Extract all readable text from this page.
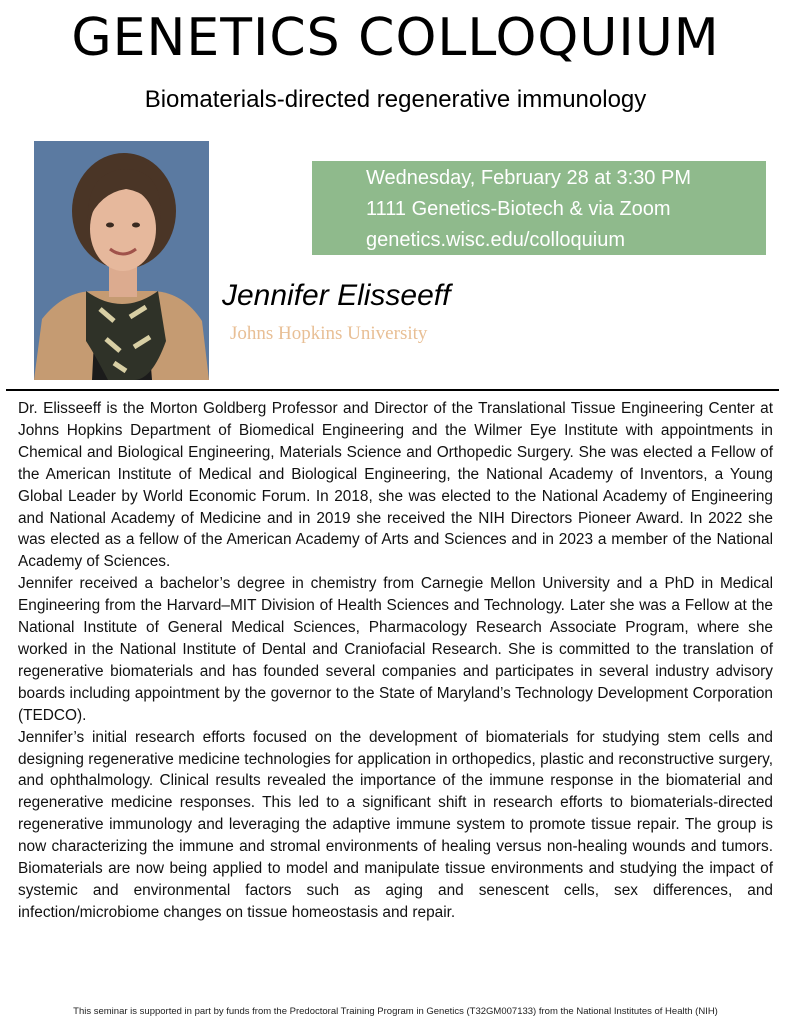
GENETICS COLLOQUIUM
Biomaterials-directed regenerative immunology
Wednesday, February 28 at 3:30 PM
1111 Genetics-Biotech & via Zoom
genetics.wisc.edu/colloquium
Jennifer Elisseeff
Johns Hopkins University

Dr. Elisseeff is the Morton Goldberg Professor and Director of the Translational Tissue Engineering Center at Johns Hopkins Department of Biomedical Engineering and the Wilmer Eye Institute with appointments in Chemical and Biological Engineering, Materials Science and Orthopedic Surgery. She was elected a Fellow of the American Institute of Medical and Biological Engineering, the National Academy of Inventors, a Young Global Leader by World Economic Forum. In 2018, she was elected to the National Academy of Engineering and National Academy of Medicine and in 2019 she received the NIH Directors Pioneer Award. In 2022 she was elected as a fellow of the American Academy of Arts and Sciences and in 2023 a member of the National Academy of Sciences.

Jennifer received a bachelor’s degree in chemistry from Carnegie Mellon University and a PhD in Medical Engineering from the Harvard–MIT Division of Health Sciences and Technology. Later she was a Fellow at the National Institute of General Medical Sciences, Pharmacology Research Associate Program, where she worked in the National Institute of Dental and Craniofacial Research. She is committed to the translation of regenerative biomaterials and has founded several companies and participates in several industry advisory boards including appointment by the governor to the State of Maryland’s Technology Development Corporation (TEDCO).

Jennifer’s initial research efforts focused on the development of biomaterials for studying stem cells and designing regenerative medicine technologies for application in orthopedics, plastic and reconstructive surgery, and ophthalmology. Clinical results revealed the importance of the immune response in the biomaterial and regenerative medicine responses. This led to a significant shift in research efforts to biomaterials-directed regenerative immunology and leveraging the adaptive immune system to promote tissue repair. The group is now characterizing the immune and stromal environments of healing versus non-healing wounds and tumors. Biomaterials are now being applied to model and manipulate tissue environments and studying the impact of systemic and environmental factors such as aging and senescent cells, sex differences, and infection/microbiome changes on tissue homeostasis and repair.

This seminar is supported in part by funds from the Predoctoral Training Program in Genetics (T32GM007133) from the National Institutes of Health (NIH)
